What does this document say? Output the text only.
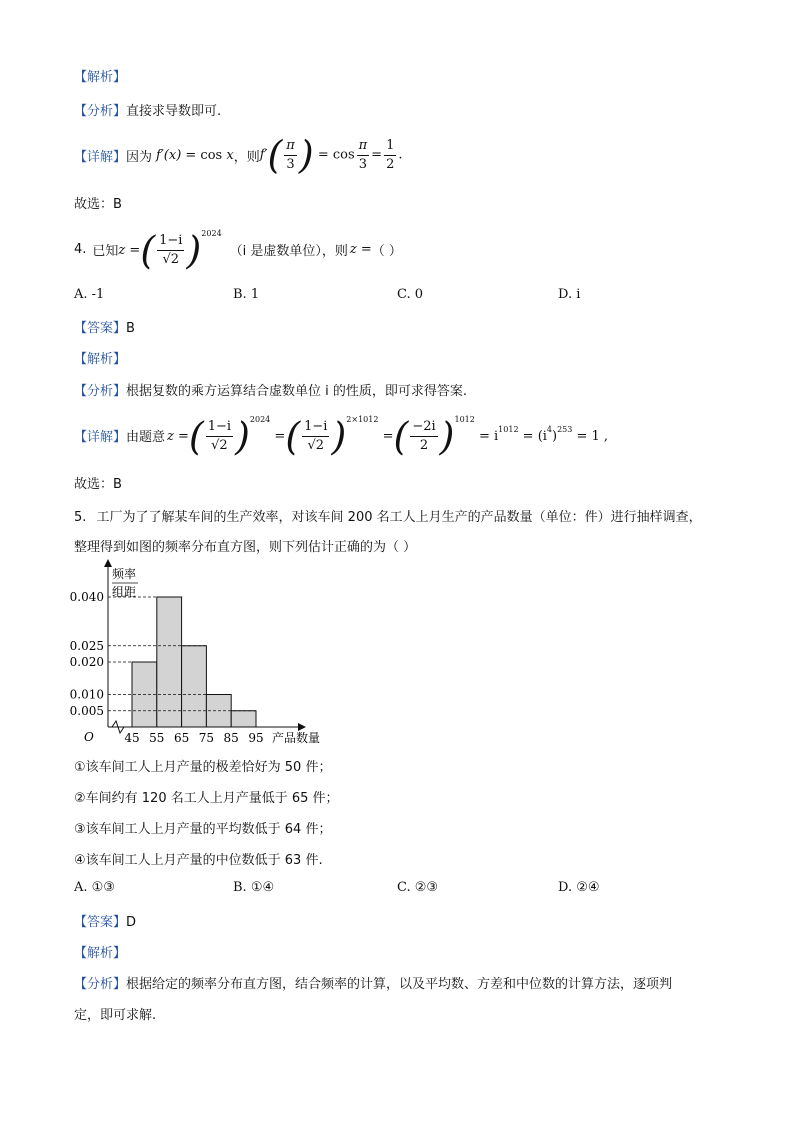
【解析】
【分析】直接求导数即可.
【详解】 因为 f′(x) = cos x ，则 $f'( \frac{\pi}{3}$ ) = $\cos \frac{\pi}{3} = \frac{1}{2}$ .
故选：B
4. 已知 z =( $\frac{1-i}{√2} )^{2024}$
（i 是虚数单位），则 z = （ ）
A. -1	B. 1	C. 0	D. i
【答案】B
【解析】
【分析】根据复数的乘方运算结合虚数单位 i 的性质，即可求得答案.
【详解】 由题意 z =( $\frac{1-i}{√2} )^{2024}$ =( $\frac{1-i}{√2} )^{2\times 1012}$ =( $\frac{-2i}{2} )^{1012} = i^{1012} = (i^4)^{253} = 1$ ,
故选：B
5. 工厂为了了解某车间的生产效率，对该车间 200 名工人上月生产的产品数量（单位：件）进行抽样调查，
整理得到如图的频率分布直方图，则下列估计正确的为（ ）
频率
组距
O	产品数量
0.040
0.025
0.020
0.010
0.005
45 55 65 75 85 95
①该车间工人上月产量的极差恰好为 50 件；
②车间约有 120 名工人上月产量低于 65 件；
③该车间工人上月产量的平均数低于 64 件；
④该车间工人上月产量的中位数低于 63 件.
A. ①③	B. ①④	C. ②③	D. ②④
【答案】D
【解析】
【分析】根据给定的频率分布直方图，结合频率的计算，以及平均数、方差和中位数的计算方法，逐项判
定，即可求解.
